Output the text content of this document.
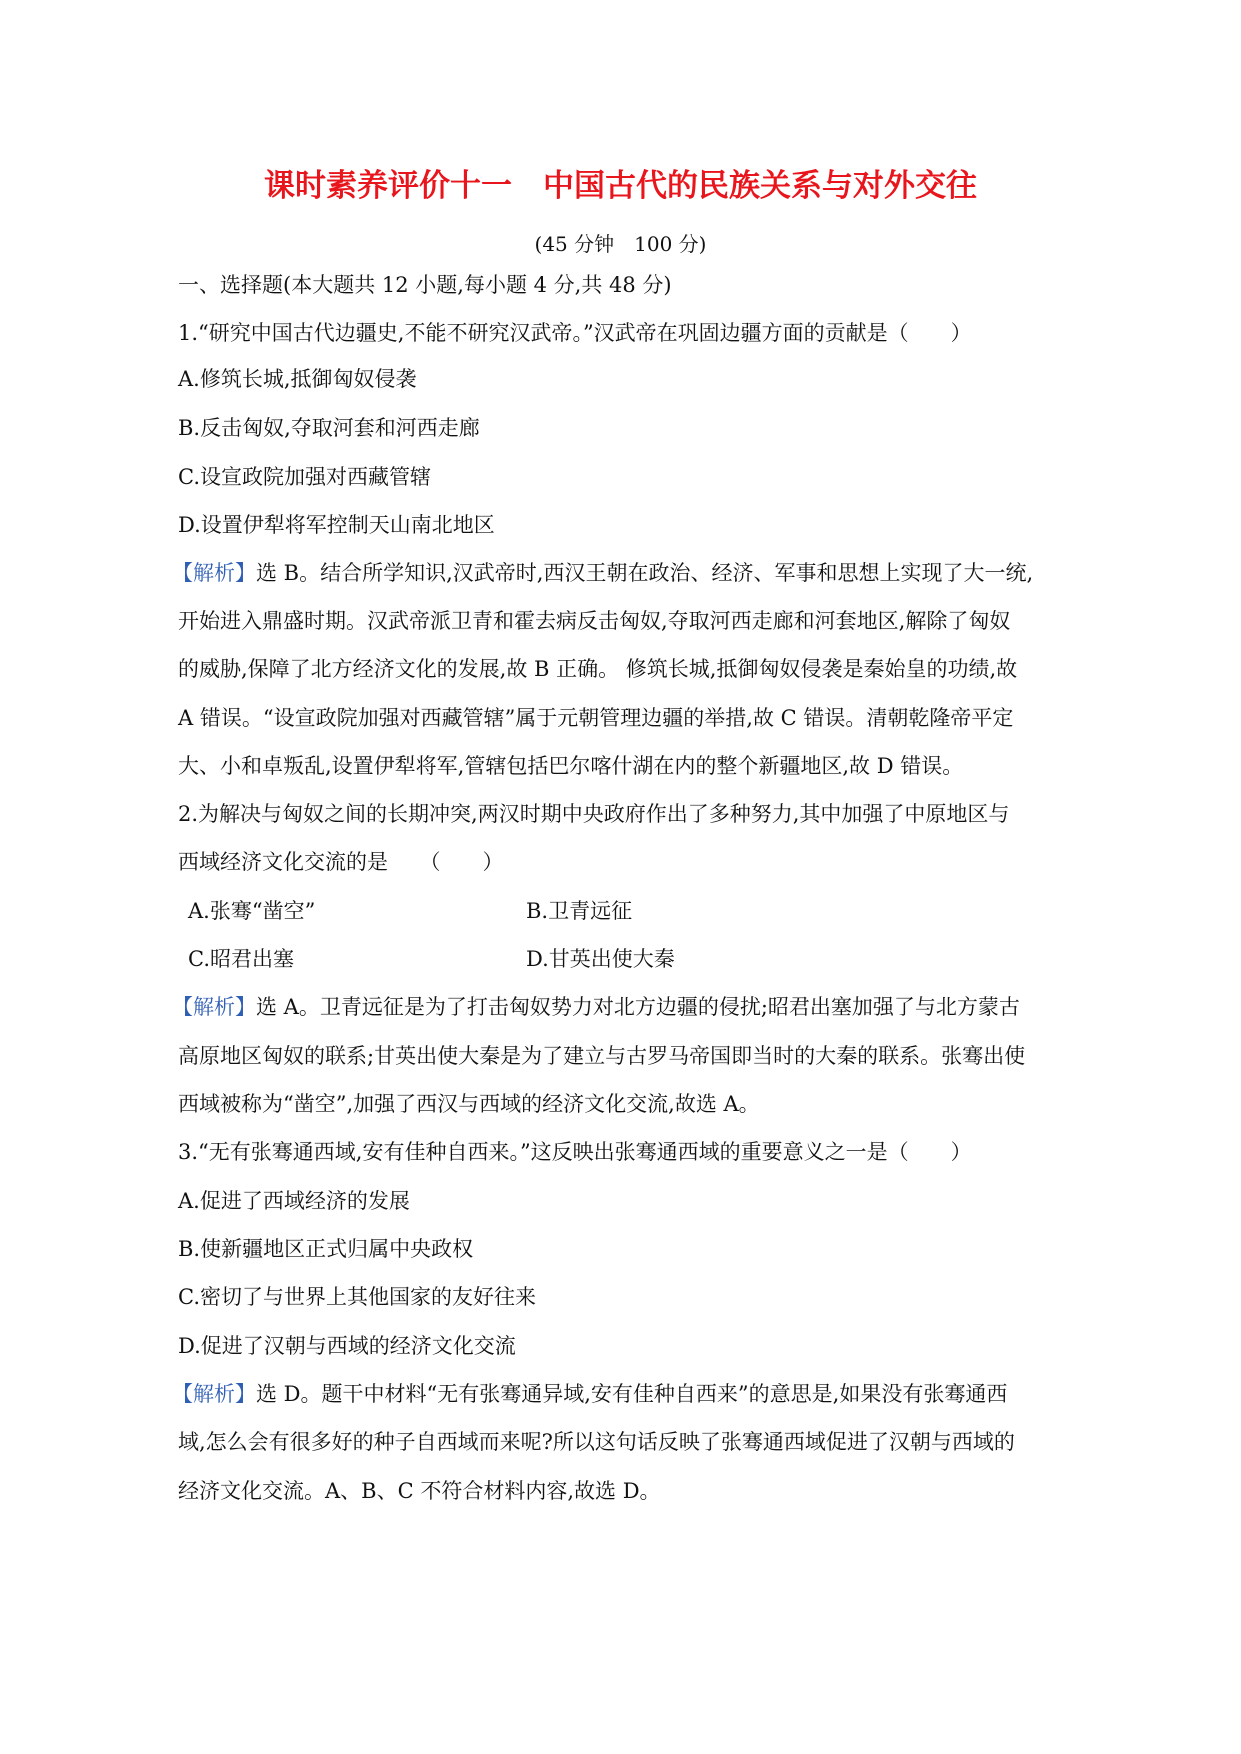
课时素养评价十一　中国古代的民族关系与对外交往
(45 分钟　100 分)
一、选择题(本大题共 12 小题,每小题 4 分,共 48 分)
1.“研究中国古代边疆史,不能不研究汉武帝。”汉武帝在巩固边疆方面的贡献是（　　）
A.修筑长城,抵御匈奴侵袭
B.反击匈奴,夺取河套和河西走廊
C.设宣政院加强对西藏管辖
D.设置伊犁将军控制天山南北地区
【解析】选 B。结合所学知识,汉武帝时,西汉王朝在政治、经济、军事和思想上实现了大一统,
开始进入鼎盛时期。汉武帝派卫青和霍去病反击匈奴,夺取河西走廊和河套地区,解除了匈奴
的威胁,保障了北方经济文化的发展,故 B 正确。 修筑长城,抵御匈奴侵袭是秦始皇的功绩,故
A 错误。“设宣政院加强对西藏管辖”属于元朝管理边疆的举措,故 C 错误。清朝乾隆帝平定
大、小和卓叛乱,设置伊犁将军,管辖包括巴尔喀什湖在内的整个新疆地区,故 D 错误。
2.为解决与匈奴之间的长期冲突,两汉时期中央政府作出了多种努力,其中加强了中原地区与
西域经济文化交流的是　　（　　）
A.张骞“凿空”	B.卫青远征
C.昭君出塞	D.甘英出使大秦
【解析】选 A。卫青远征是为了打击匈奴势力对北方边疆的侵扰;昭君出塞加强了与北方蒙古
高原地区匈奴的联系;甘英出使大秦是为了建立与古罗马帝国即当时的大秦的联系。张骞出使
西域被称为“凿空”,加强了西汉与西域的经济文化交流,故选 A。
3.“无有张骞通西域,安有佳种自西来。”这反映出张骞通西域的重要意义之一是（　　）
A.促进了西域经济的发展
B.使新疆地区正式归属中央政权
C.密切了与世界上其他国家的友好往来
D.促进了汉朝与西域的经济文化交流
【解析】选 D。题干中材料“无有张骞通异域,安有佳种自西来”的意思是,如果没有张骞通西
域,怎么会有很多好的种子自西域而来呢?所以这句话反映了张骞通西域促进了汉朝与西域的
经济文化交流。A、B、C 不符合材料内容,故选 D。
